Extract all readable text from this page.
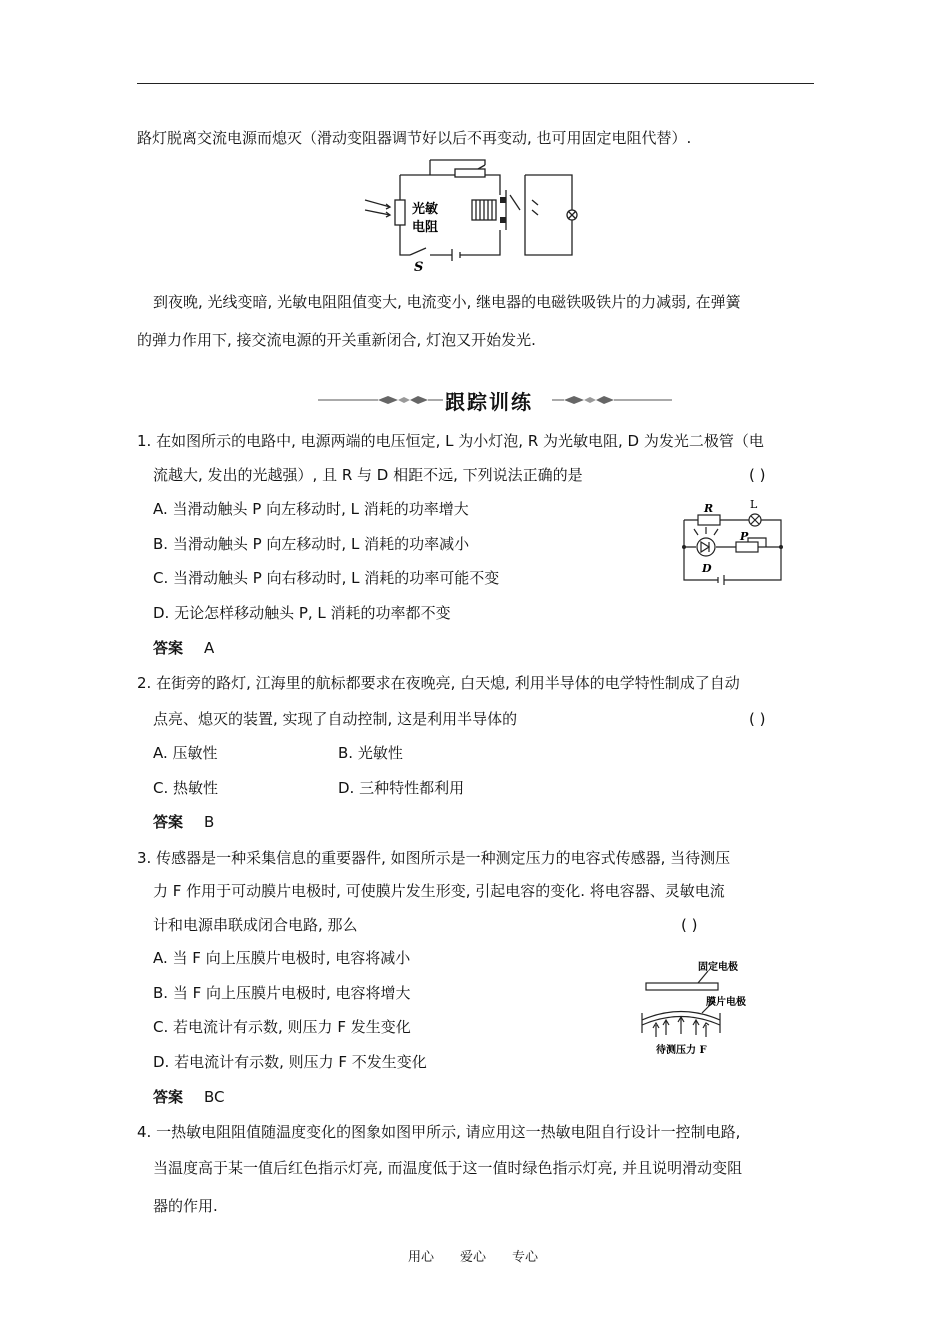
路灯脱离交流电源而熄灭（滑动变阻器调节好以后不再变动, 也可用固定电阻代替）.
光敏
电阻
S
到夜晚, 光线变暗, 光敏电阻阻值变大, 电流变小, 继电器的电磁铁吸铁片的力减弱, 在弹簧
的弹力作用下, 接交流电源的开关重新闭合, 灯泡又开始发光.
跟踪训练
1. 在如图所示的电路中, 电源两端的电压恒定, L 为小灯泡, R 为光敏电阻, D 为发光二极管（电
流越大, 发出的光越强）, 且 R 与 D 相距不远, 下列说法正确的是	( )
A. 当滑动触头 P 向左移动时, L 消耗的功率增大
B. 当滑动触头 P 向左移动时, L 消耗的功率减小
C. 当滑动触头 P 向右移动时, L 消耗的功率可能不变
D. 无论怎样移动触头 P, L 消耗的功率都不变
答案 A
R	L
P
D
2. 在街旁的路灯, 江海里的航标都要求在夜晚亮, 白天熄, 利用半导体的电学特性制成了自动
点亮、熄灭的装置, 实现了自动控制, 这是利用半导体的	( )
A. 压敏性	B. 光敏性
C. 热敏性	D. 三种特性都利用
答案 B
3. 传感器是一种采集信息的重要器件, 如图所示是一种测定压力的电容式传感器, 当待测压
力 F 作用于可动膜片电极时, 可使膜片发生形变, 引起电容的变化. 将电容器、灵敏电流
计和电源串联成闭合电路, 那么	( )
A. 当 F 向上压膜片电极时, 电容将减小
B. 当 F 向上压膜片电极时, 电容将增大
C. 若电流计有示数, 则压力 F 发生变化
D. 若电流计有示数, 则压力 F 不发生变化
答案 BC
固定电极
膜片电极
待测压力 F
4. 一热敏电阻阻值随温度变化的图象如图甲所示, 请应用这一热敏电阻自行设计一控制电路,
当温度高于某一值后红色指示灯亮, 而温度低于这一值时绿色指示灯亮, 并且说明滑动变阻
器的作用.
用心　　爱心　　专心
